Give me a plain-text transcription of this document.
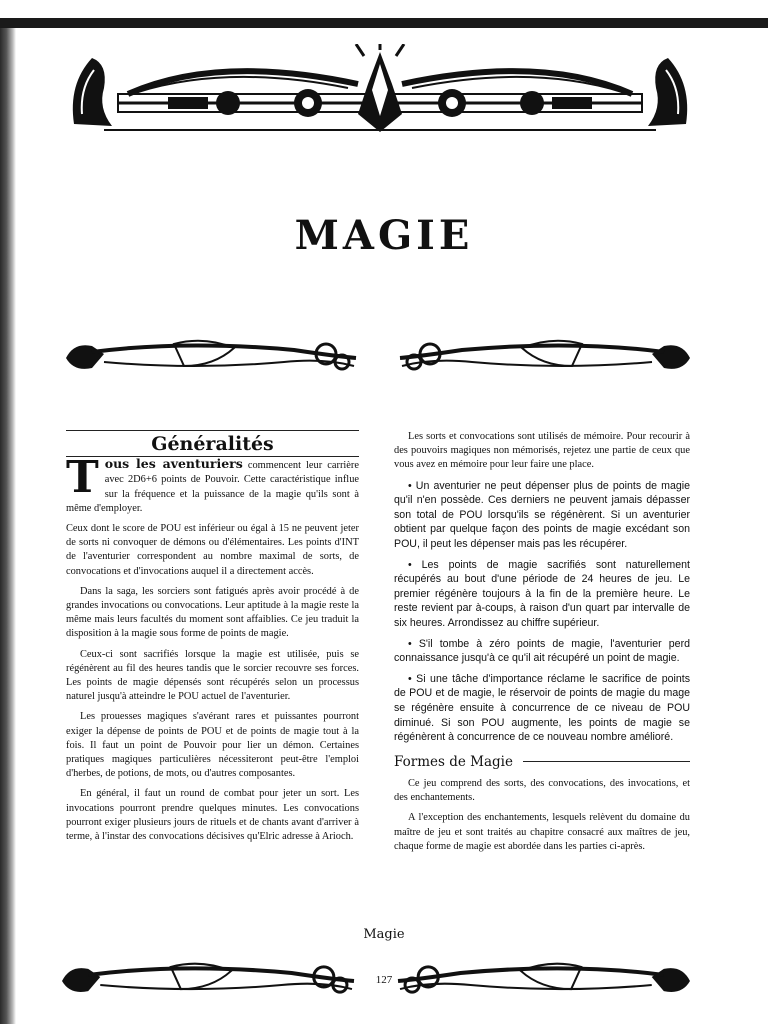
MAGIE
Généralités

Tous les aventuriers commencent leur carrière avec 2D6+6 points de Pouvoir. Cette caractéristique influe sur la fréquence et la puissance de la magie qu'ils sont à même d'employer.

Ceux dont le score de POU est inférieur ou égal à 15 ne peuvent jeter de sorts ni convoquer de démons ou d'élémentaires. Les points d'INT de l'aventurier correspondent au nombre maximal de sorts, de convocations et d'invocations auquel il a directement accès.

Dans la saga, les sorciers sont fatigués après avoir procédé à de grandes invocations ou convocations. Leur aptitude à la magie reste la même mais leurs facultés du moment sont affaiblies. Ce jeu traduit la disposition à la magie sous forme de points de magie.

Ceux-ci sont sacrifiés lorsque la magie est utilisée, puis se régénèrent au fil des heures tandis que le sorcier recouvre ses forces. Les points de magie dépensés sont récupérés selon un processus naturel jusqu'à atteindre le POU actuel de l'aventurier.

Les prouesses magiques s'avérant rares et puissantes pourront exiger la dépense de points de POU et de points de magie tout à la fois. Il faut un point de Pouvoir pour lier un démon. Certaines pratiques magiques particulières nécessiteront peut-être l'emploi d'herbes, de potions, de mots, ou d'autres composantes.

En général, il faut un round de combat pour jeter un sort. Les invocations pourront prendre quelques minutes. Les convocations pourront exiger plusieurs jours de rituels et de chants avant d'arriver à terme, à l'instar des convocations décisives qu'Elric adresse à Arioch.

Les sorts et convocations sont utilisés de mémoire. Pour recourir à des pouvoirs magiques non mémorisés, rejetez une partie de ceux que vous avez en mémoire pour leur faire une place.

• Un aventurier ne peut dépenser plus de points de magie qu'il n'en possède. Ces derniers ne peuvent jamais dépasser son total de POU lorsqu'ils se régénèrent. Si un aventurier obtient par quelque façon des points de magie excédant son POU, il peut les dépenser mais pas les récupérer.

• Les points de magie sacrifiés sont naturellement récupérés au bout d'une période de 24 heures de jeu. Le premier régénère toujours à la fin de la première heure. Le reste revient par à-coups, à raison d'un quart par intervalle de six heures. Arrondissez au chiffre supérieur.

• S'il tombe à zéro points de magie, l'aventurier perd connaissance jusqu'à ce qu'il ait récupéré un point de magie.

• Si une tâche d'importance réclame le sacrifice de points de POU et de magie, le réservoir de points de magie du mage se régénère ensuite à concurrence de ce niveau de POU diminué. Si son POU augmente, les points de magie se régénèrent à concurrence de ce nouveau nombre amélioré.

Formes de Magie

Ce jeu comprend des sorts, des convocations, des invocations, et des enchantements.

A l'exception des enchantements, lesquels relèvent du domaine du maître de jeu et sont traités au chapitre consacré aux maîtres de jeu, chaque forme de magie est abordée dans les parties ci-après.

Magie
127
